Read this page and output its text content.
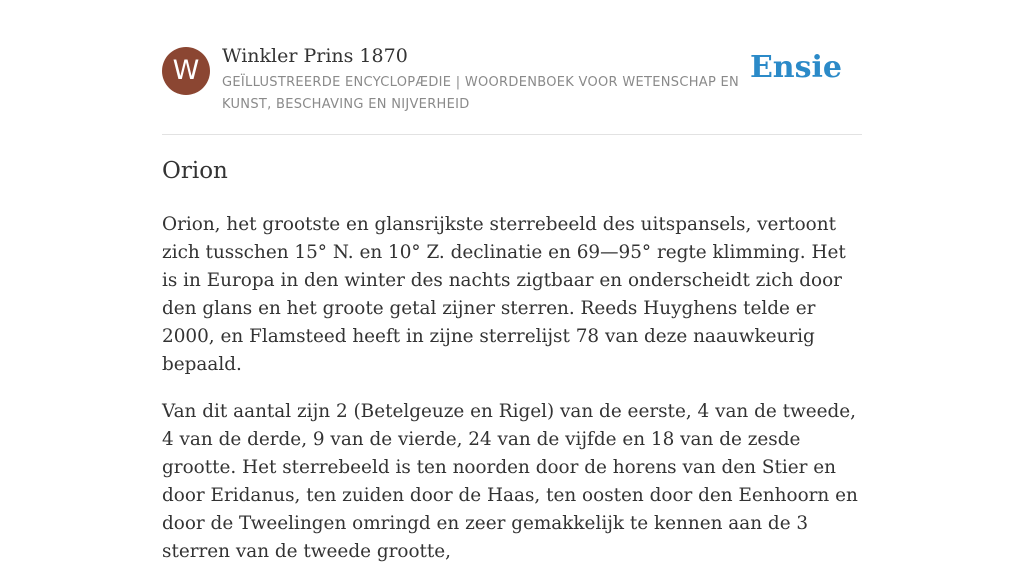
W	Winkler Prins 1870
GEÏLLUSTREERDE ENCYCLOPÆDIE | WOORDENBOEK VOOR WETENSCHAP EN KUNST, BESCHAVING EN NIJVERHEID
Ensie
Orion

Orion, het grootste en glansrijkste sterrebeeld des uitspansels, vertoont zich tusschen 15° N. en 10° Z. declinatie en 69—95° regte klimming. Het is in Europa in den winter des nachts zigtbaar en onderscheidt zich door den glans en het groote getal zijner sterren. Reeds Huyghens telde er 2000, en Flamsteed heeft in zijne sterrelijst 78 van deze naauwkeurig bepaald.

Van dit aantal zijn 2 (Betelgeuze en Rigel) van de eerste, 4 van de tweede, 4 van de derde, 9 van de vierde, 24 van de vijfde en 18 van de zesde grootte. Het sterrebeeld is ten noorden door de horens van den Stier en door Eridanus, ten zuiden door de Haas, ten oosten door den Eenhoorn en door de Tweelingen omringd en zeer gemakkelijk te kennen aan de 3 sterren van de tweede grootte,
